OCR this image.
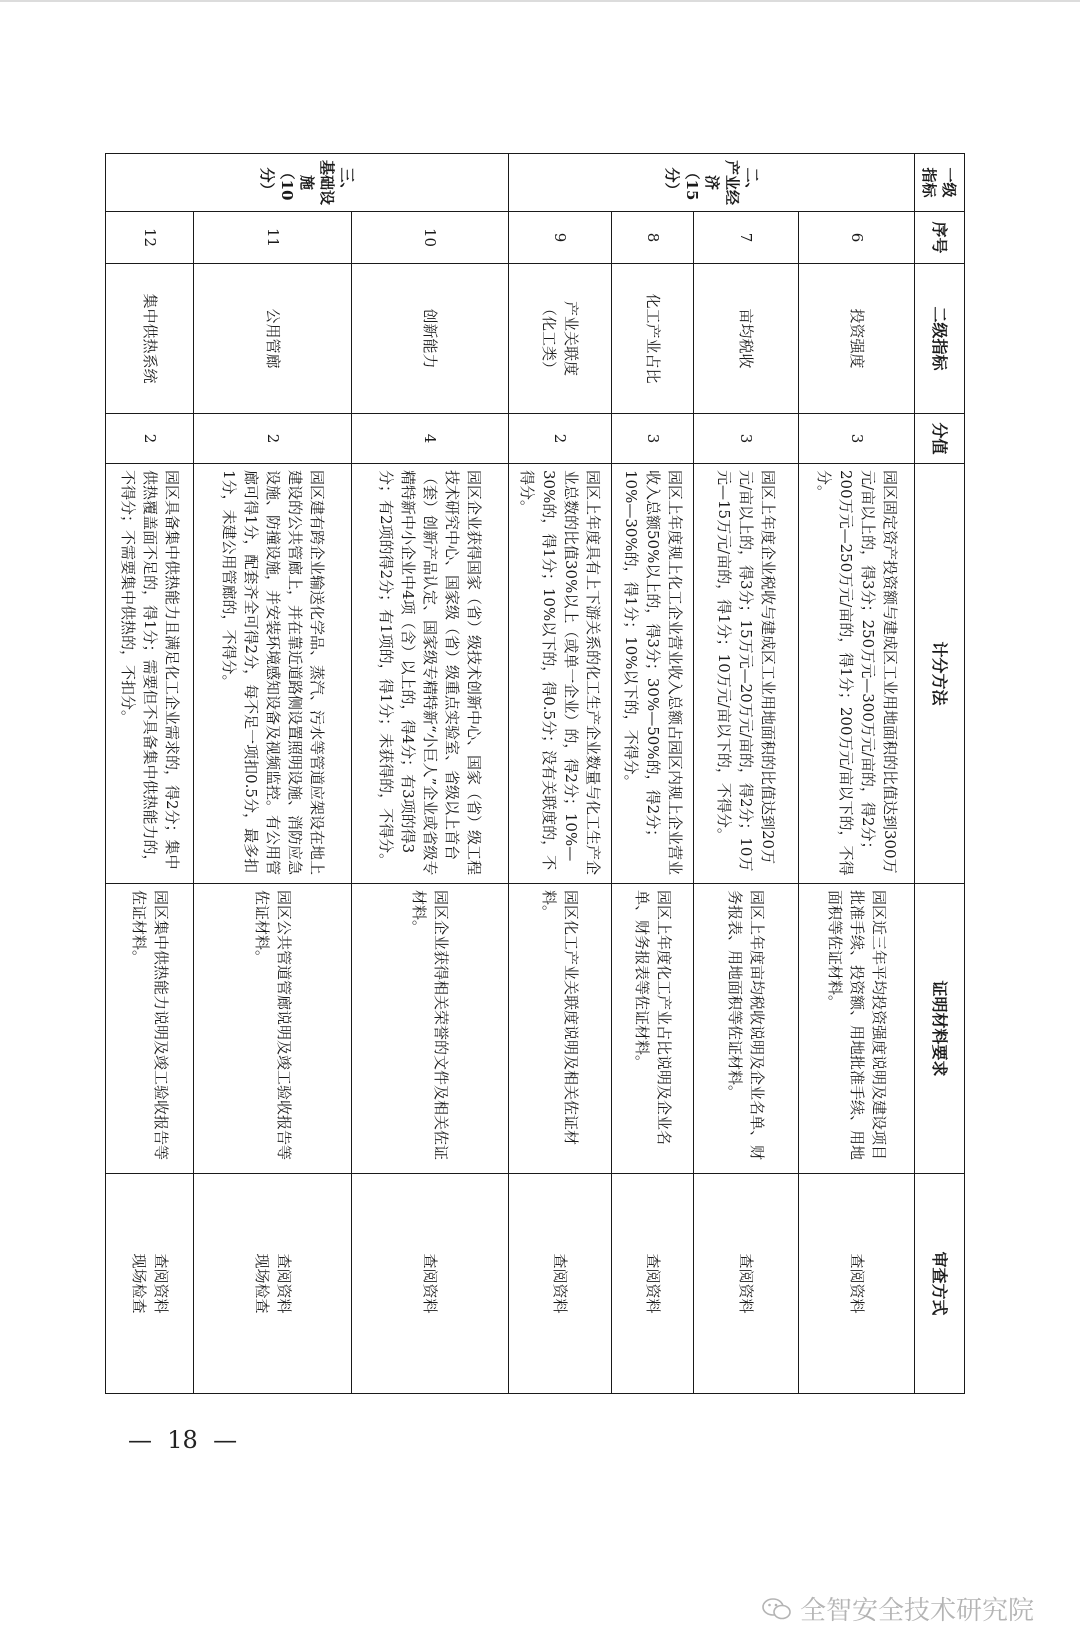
一级
指标	序号	二级指标	分值	计分方法	证明材料要求	审查方式

二、
产业经济
（15分）	6	投资强度	3	园区固定资产投资额与建成区工业用地面积的比值达到300万元/亩以上的，得3分；250万元—300万元/亩的，得2分；200万元—250万元/亩的，得1分；200万元/亩以下的，不得分。	园区近三年平均投资强度说明及建设项目批准手续、投资额、用地批准手续、用地面积等佐证材料。	查阅资料
	7	亩均税收	3	园区上年度企业税收与建成区工业用地面积的比值达到20万元/亩以上的，得3分；15万元—20万元/亩的，得2分；10万元—15万元/亩的，得1分；10万元/亩以下的，不得分。	园区上年度亩均税收说明及企业名单、财务报表、用地面积等佐证材料。	查阅资料
	8	化工产业占比	3	园区上年度规上化工企业营业收入总额占园区内规上企业营业收入总额50%以上的，得3分；30%—50%的，得2分；10%—30%的，得1分；10%以下的，不得分。	园区上年度化工产业占比说明及企业名单、财务报表等佐证材料。	查阅资料
	9	产业关联度
（化工类）	2	园区上年度具有上下游关系的化工生产企业数量与化工生产企业总数的比值30%以上（或单一企业）的，得2分；10%—30%的，得1分；10%以下的，得0.5分；没有关联度的，不得分。	园区化工产业关联度说明及相关佐证材料。	查阅资料

三、
基础设施
（10分）	10	创新能力	4	园区企业获得国家（省）级技术创新中心、国家（省）级工程技术研究中心、国家级（省）级重点实验室、省级以上首台（套）创新产品认定、国家级专精特新“小巨人”企业或省级专精特新中小企业中4项（含）以上的，得4分；有3项的得3分；有2项的得2分；有1项的，得1分；未获得的，不得分。	园区企业获得相关荣誉的文件及相关佐证材料。	查阅资料
	11	公用管廊	2	园区建有跨企业输送化学品、蒸汽、污水等管道应架设在地上建设的公共管廊上，并在靠近道路侧设置照明设施、消防应急设施、防撞设施，并安装环境感知设备及视频监控。有公用管廊可得1分，配套齐全可得2分，每不足一项扣0.5分，最多扣1分，未建公用管廊的，不得分。	园区公共管道管廊说明及竣工验收报告等佐证材料。	查阅资料
现场检查
	12	集中供热系统	2	园区具备集中供热能力且满足化工企业需求的，得2分；集中供热覆盖面不足的，得1分；需要但不具备集中供热能力的，不得分；不需要集中供热的，不扣分。	园区集中供热能力说明及竣工验收报告等佐证材料。	查阅资料
现场检查
— 18 —
全智安全技术研究院
